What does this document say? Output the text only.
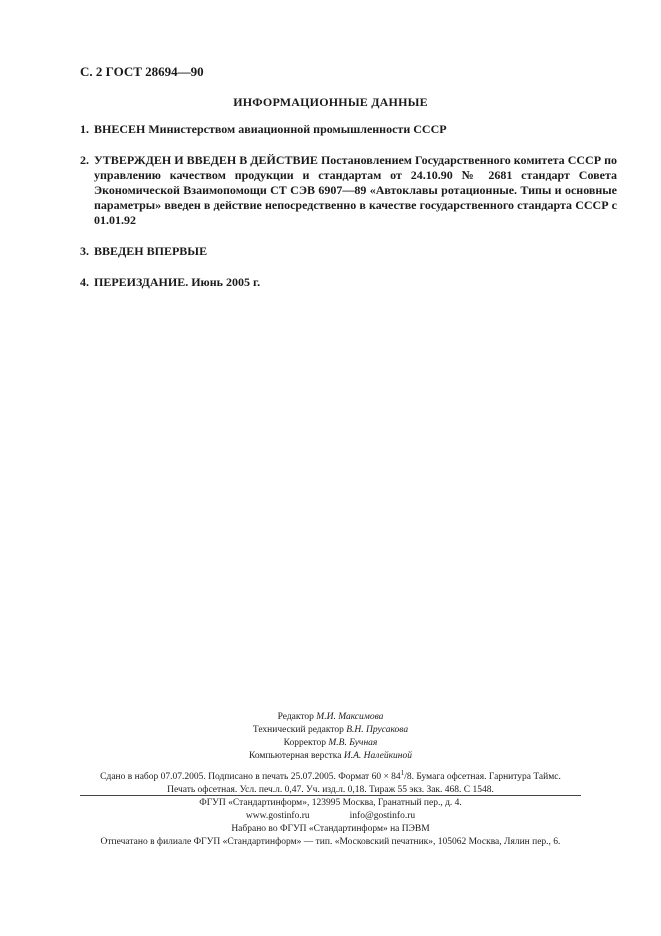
С. 2 ГОСТ 28694—90
ИНФОРМАЦИОННЫЕ ДАННЫЕ
1. ВНЕСЕН Министерством авиационной промышленности СССР
2. УТВЕРЖДЕН И ВВЕДЕН В ДЕЙСТВИЕ Постановлением Государственного комитета СССР по управлению качеством продукции и стандартам от 24.10.90 № 2681 стандарт Совета Экономической Взаимопомощи СТ СЭВ 6907—89 «Автоклавы ротационные. Типы и основные параметры» введен в действие непосредственно в качестве государственного стандарта СССР с 01.01.92
3. ВВЕДЕН ВПЕРВЫЕ
4. ПЕРЕИЗДАНИЕ. Июнь 2005 г.
Редактор М.И. Максимова
Технический редактор В.Н. Прусакова
Корректор М.В. Бучная
Компьютерная верстка И.А. Налейкиной
Сдано в набор 07.07.2005. Подписано в печать 25.07.2005. Формат $60 \times 84^1/8$. Бумага офсетная. Гарнитура Таймс.
Печать офсетная. Усл. печ.л. 0,47. Уч. изд.л. 0,18. Тираж 55 экз. Зак. 468. С 1548.
ФГУП «Стандартинформ», 123995 Москва, Гранатный пер., д. 4.
www.gostinfo.ru	info@gostinfo.ru
Набрано во ФГУП «Стандартинформ» на ПЭВМ
Отпечатано в филиале ФГУП «Стандартинформ» — тип. «Московский печатник», 105062 Москва, Лялин пер., 6.
